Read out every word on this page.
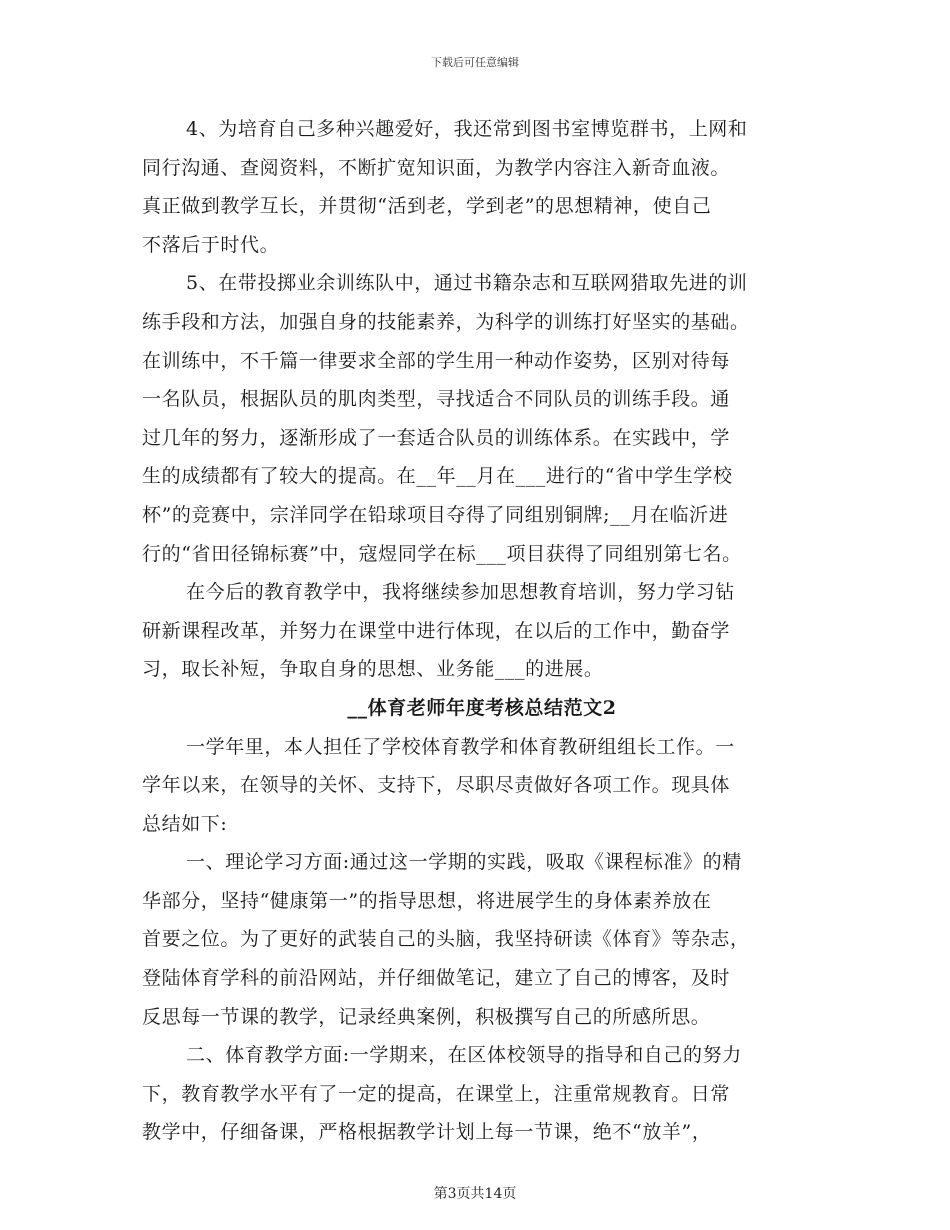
下载后可任意编辑
4、为培育自己多种兴趣爱好，我还常到图书室博览群书，上网和
同行沟通、查阅资料，不断扩宽知识面，为教学内容注入新奇血液。
真正做到教学互长，并贯彻“活到老，学到老”的思想精神，使自己
不落后于时代。
5、在带投掷业余训练队中，通过书籍杂志和互联网猎取先进的训
练手段和方法，加强自身的技能素养，为科学的训练打好坚实的基础。
在训练中，不千篇一律要求全部的学生用一种动作姿势，区别对待每
一名队员，根据队员的肌肉类型，寻找适合不同队员的训练手段。通
过几年的努力，逐渐形成了一套适合队员的训练体系。在实践中，学
生的成绩都有了较大的提高。在__年__月在___进行的“省中学生学校
杯”的竞赛中，宗洋同学在铅球项目夺得了同组别铜牌;__月在临沂进
行的“省田径锦标赛”中，寇煜同学在标___项目获得了同组别第七名。
在今后的教育教学中，我将继续参加思想教育培训，努力学习钻
研新课程改革，并努力在课堂中进行体现，在以后的工作中，勤奋学
习，取长补短，争取自身的思想、业务能___的进展。
__体育老师年度考核总结范文2
一学年里，本人担任了学校体育教学和体育教研组组长工作。一
学年以来，在领导的关怀、支持下，尽职尽责做好各项工作。现具体
总结如下:
一、理论学习方面:通过这一学期的实践，吸取《课程标准》的精
华部分，坚持“健康第一”的指导思想，将进展学生的身体素养放在
首要之位。为了更好的武装自己的头脑，我坚持研读《体育》等杂志，
登陆体育学科的前沿网站，并仔细做笔记，建立了自己的博客，及时
反思每一节课的教学，记录经典案例，积极撰写自己的所感所思。
二、体育教学方面:一学期来，在区体校领导的指导和自己的努力
下，教育教学水平有了一定的提高，在课堂上，注重常规教育。日常
教学中，仔细备课，严格根据教学计划上每一节课，绝不“放羊”，
第3页共14页
